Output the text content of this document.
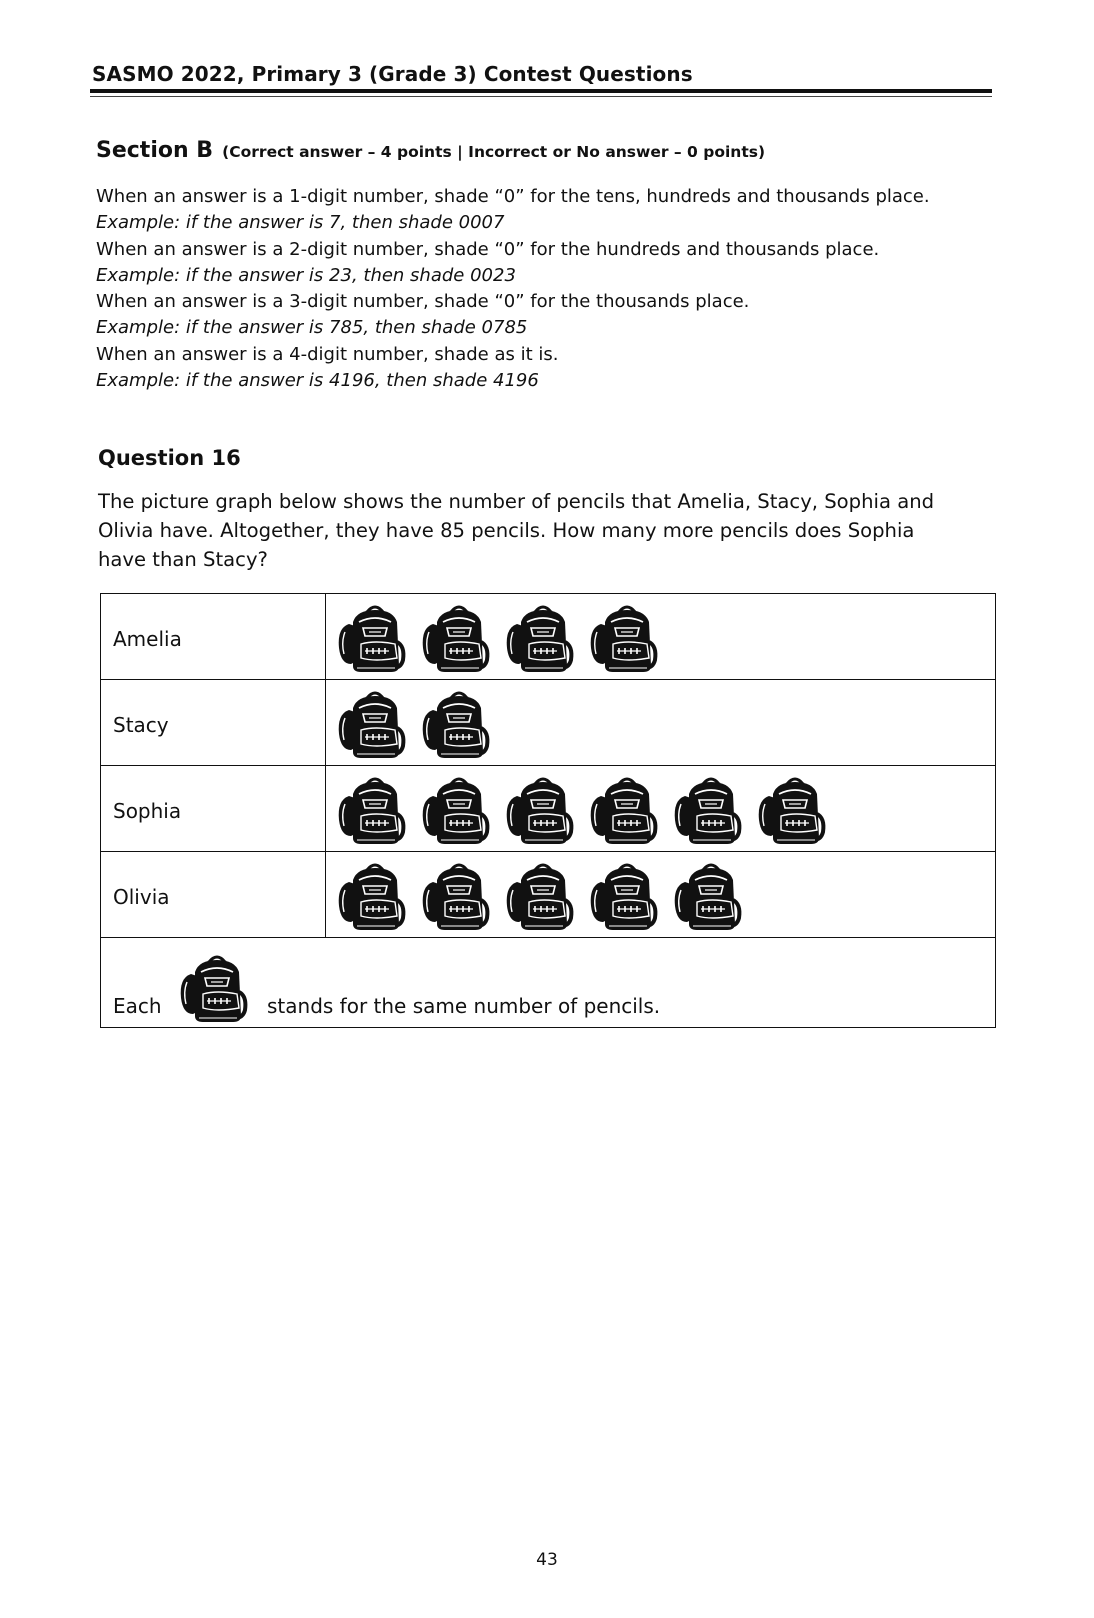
SASMO 2022, Primary 3 (Grade 3) Contest Questions
Section B (Correct answer – 4 points | Incorrect or No answer – 0 points)
When an answer is a 1-digit number, shade “0” for the tens, hundreds and thousands place.
Example: if the answer is 7, then shade 0007
When an answer is a 2-digit number, shade “0” for the hundreds and thousands place.
Example: if the answer is 23, then shade 0023
When an answer is a 3-digit number, shade “0” for the thousands place.
Example: if the answer is 785, then shade 0785
When an answer is a 4-digit number, shade as it is.
Example: if the answer is 4196, then shade 4196
Question 16
The picture graph below shows the number of pencils that Amelia, Stacy, Sophia and
Olivia have. Altogether, they have 85 pencils. How many more pencils does Sophia
have than Stacy?
Amelia
Stacy
Sophia
Olivia
Each	stands for the same number of pencils.
43
